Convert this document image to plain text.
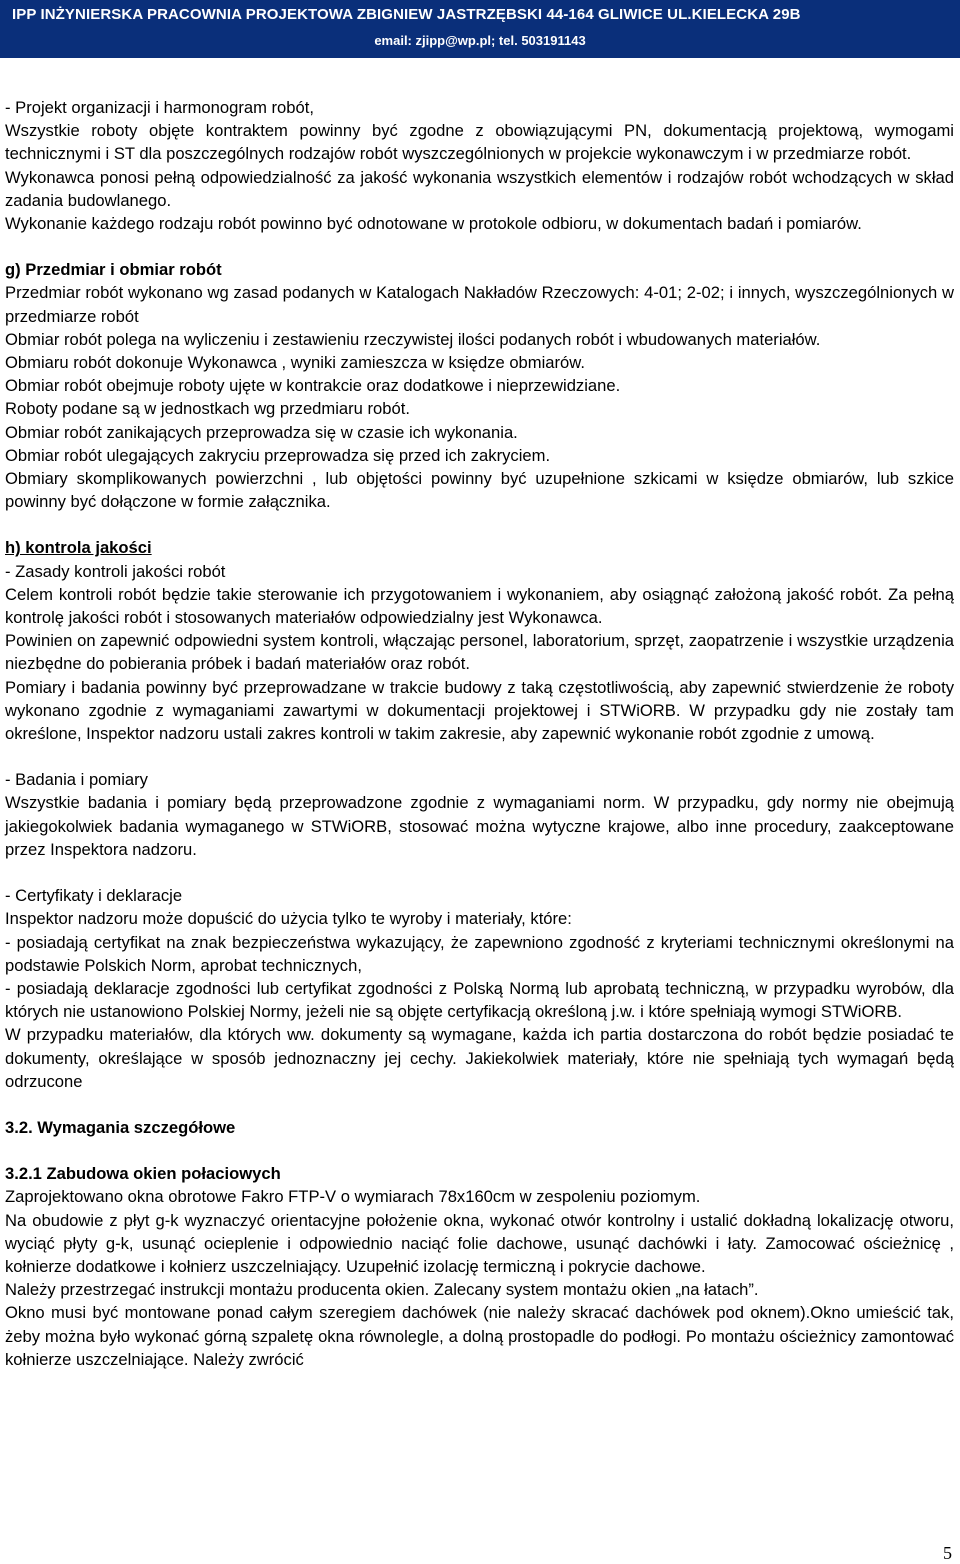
IPP INŻYNIERSKA PRACOWNIA PROJEKTOWA ZBIGNIEW JASTRZĘBSKI 44-164 GLIWICE UL.KIELECKA 29B
email: zjipp@wp.pl; tel. 503191143

- Projekt organizacji i harmonogram robót,

Wszystkie roboty objęte kontraktem powinny być zgodne z obowiązującymi PN, dokumentacją projektową, wymogami technicznymi i ST dla poszczególnych rodzajów robót wyszczególnionych w projekcie wykonawczym i w przedmiarze robót.

Wykonawca ponosi pełną odpowiedzialność za jakość wykonania wszystkich elementów i rodzajów robót wchodzących w skład zadania budowlanego.

Wykonanie każdego rodzaju robót powinno być odnotowane w protokole odbioru, w dokumentach badań i pomiarów.

g) Przedmiar i obmiar robót

Przedmiar robót wykonano wg zasad podanych w Katalogach Nakładów Rzeczowych: 4-01; 2-02; i innych, wyszczególnionych w przedmiarze robót

Obmiar robót polega na wyliczeniu i zestawieniu rzeczywistej ilości podanych robót i wbudowanych materiałów.

Obmiaru robót dokonuje Wykonawca , wyniki zamieszcza w księdze obmiarów.

Obmiar robót obejmuje roboty ujęte w kontrakcie oraz dodatkowe i nieprzewidziane.

Roboty podane są w jednostkach wg przedmiaru robót.

Obmiar robót zanikających przeprowadza się w czasie ich wykonania.

Obmiar robót ulegających zakryciu przeprowadza się przed ich zakryciem.

Obmiary skomplikowanych powierzchni , lub objętości powinny być uzupełnione szkicami w księdze obmiarów, lub szkice powinny być dołączone w formie załącznika.

h) kontrola jakości

- Zasady kontroli jakości robót

Celem kontroli robót będzie takie sterowanie ich przygotowaniem i wykonaniem, aby osiągnąć założoną jakość robót. Za pełną kontrolę jakości robót i stosowanych materiałów odpowiedzialny jest Wykonawca.

Powinien on zapewnić odpowiedni system kontroli, włączając personel, laboratorium, sprzęt, zaopatrzenie i wszystkie urządzenia niezbędne do pobierania próbek i badań materiałów oraz robót.

Pomiary i badania powinny być przeprowadzane w trakcie budowy z taką częstotliwością, aby zapewnić stwierdzenie że roboty wykonano zgodnie z wymaganiami zawartymi w dokumentacji projektowej i STWiORB. W przypadku gdy nie zostały tam określone, Inspektor nadzoru ustali zakres kontroli w takim zakresie, aby zapewnić wykonanie robót zgodnie z umową.

- Badania i pomiary

Wszystkie badania i pomiary będą przeprowadzone zgodnie z wymaganiami norm. W przypadku, gdy normy nie obejmują jakiegokolwiek badania wymaganego w STWiORB, stosować można wytyczne krajowe, albo inne procedury, zaakceptowane przez Inspektora nadzoru.

- Certyfikaty i deklaracje

Inspektor nadzoru może dopuścić do użycia tylko te wyroby i materiały, które:

- posiadają certyfikat na znak bezpieczeństwa wykazujący, że zapewniono zgodność z kryteriami technicznymi określonymi na podstawie Polskich Norm, aprobat technicznych,

- posiadają deklaracje zgodności lub certyfikat zgodności z Polską Normą lub aprobatą techniczną, w przypadku wyrobów, dla których nie ustanowiono Polskiej Normy, jeżeli nie są objęte certyfikacją określoną j.w. i które spełniają wymogi STWiORB.

W przypadku materiałów, dla których ww. dokumenty są wymagane, każda ich partia dostarczona do robót będzie posiadać te dokumenty, określające w sposób jednoznaczny jej cechy. Jakiekolwiek materiały, które nie spełniają tych wymagań będą odrzucone

3.2. Wymagania szczegółowe

3.2.1 Zabudowa okien połaciowych

Zaprojektowano okna obrotowe Fakro FTP-V o wymiarach 78x160cm w zespoleniu poziomym.

Na obudowie z płyt g-k wyznaczyć orientacyjne położenie okna, wykonać otwór kontrolny i ustalić dokładną lokalizację otworu, wyciąć płyty g-k, usunąć ocieplenie i odpowiednio naciąć folie dachowe, usunąć dachówki i łaty. Zamocować ościeżnicę , kołnierze dodatkowe i kołnierz uszczelniający. Uzupełnić izolację termiczną i pokrycie dachowe.

Należy przestrzegać instrukcji montażu producenta okien. Zalecany system montażu okien „na łatach”.

Okno musi być montowane ponad całym szeregiem dachówek (nie należy skracać dachówek pod oknem).Okno umieścić tak, żeby można było wykonać górną szpaletę okna równolegle, a dolną prostopadle do podłogi. Po montażu ościeżnicy zamontować kołnierze uszczelniające. Należy zwrócić

5
